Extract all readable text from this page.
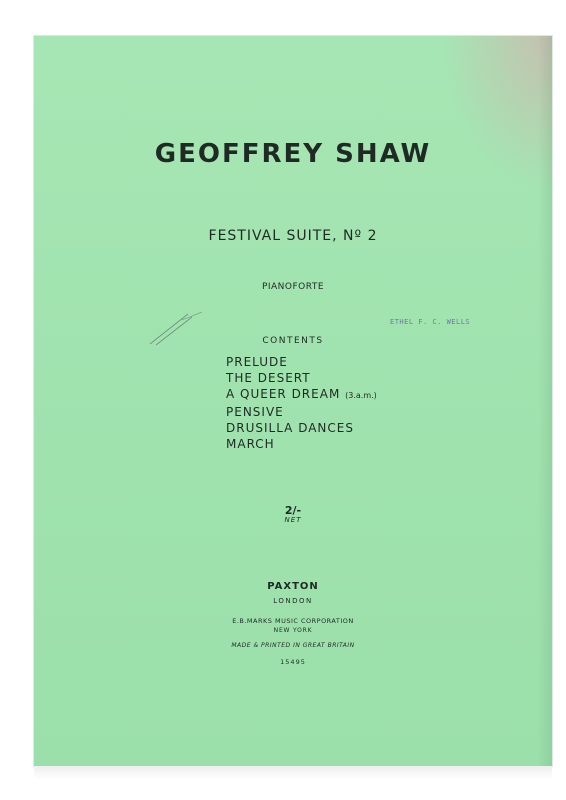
GEOFFREY SHAW
FESTIVAL SUITE, Nº 2
PIANOFORTE
ETHEL F. C. WELLS
CONTENTS
PRELUDE
THE DESERT
A QUEER DREAM (3.a.m.)
PENSIVE
DRUSILLA DANCES
MARCH
2/-
NET
PAXTON
LONDON
E.B.MARKS MUSIC CORPORATION
NEW YORK
MADE & PRINTED IN GREAT BRITAIN
15495
